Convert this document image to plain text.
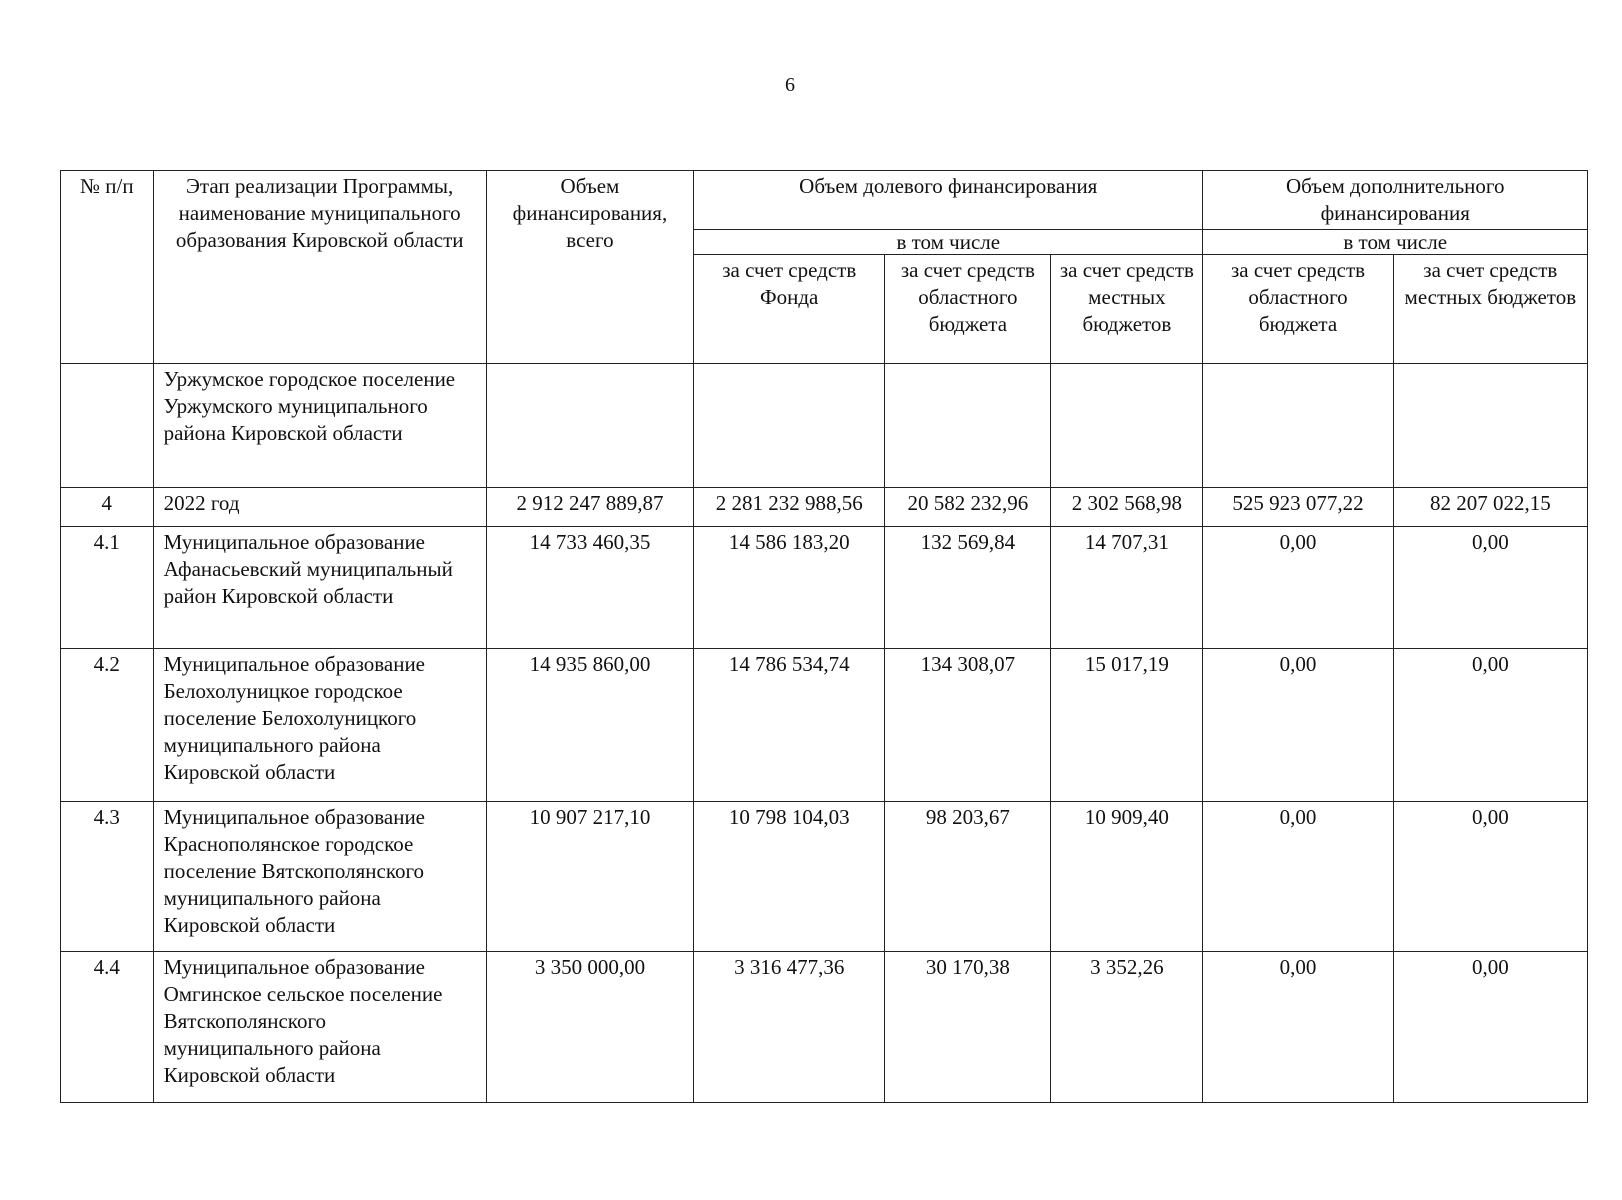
6
№ п/п	Этап реализации Программы, наименование муниципального образования Кировской области	Объем финансирования, всего	Объем долевого финансирования			Объем дополнительного финансирования	
			в том числе			в том числе	
			за счет средств Фонда	за счет средств областного бюджета	за счет средств местных бюджетов	за счет средств областного бюджета	за счет средств местных бюджетов
	Уржумское городское поселение Уржумского муниципального района Кировской области						
4	2022 год	2 912 247 889,87	2 281 232 988,56	20 582 232,96	2 302 568,98	525 923 077,22	82 207 022,15
4.1	Муниципальное образование Афанасьевский муниципальный район Кировской области	14 733 460,35	14 586 183,20	132 569,84	14 707,31	0,00	0,00
4.2	Муниципальное образование Белохолуницкое городское поселение Белохолуницкого муниципального района Кировской области	14 935 860,00	14 786 534,74	134 308,07	15 017,19	0,00	0,00
4.3	Муниципальное образование Краснополянское городское поселение Вятскополянского муниципального района Кировской области	10 907 217,10	10 798 104,03	98 203,67	10 909,40	0,00	0,00
4.4	Муниципальное образование Омгинское сельское поселение Вятскополянского муниципального района Кировской области	3 350 000,00	3 316 477,36	30 170,38	3 352,26	0,00	0,00
